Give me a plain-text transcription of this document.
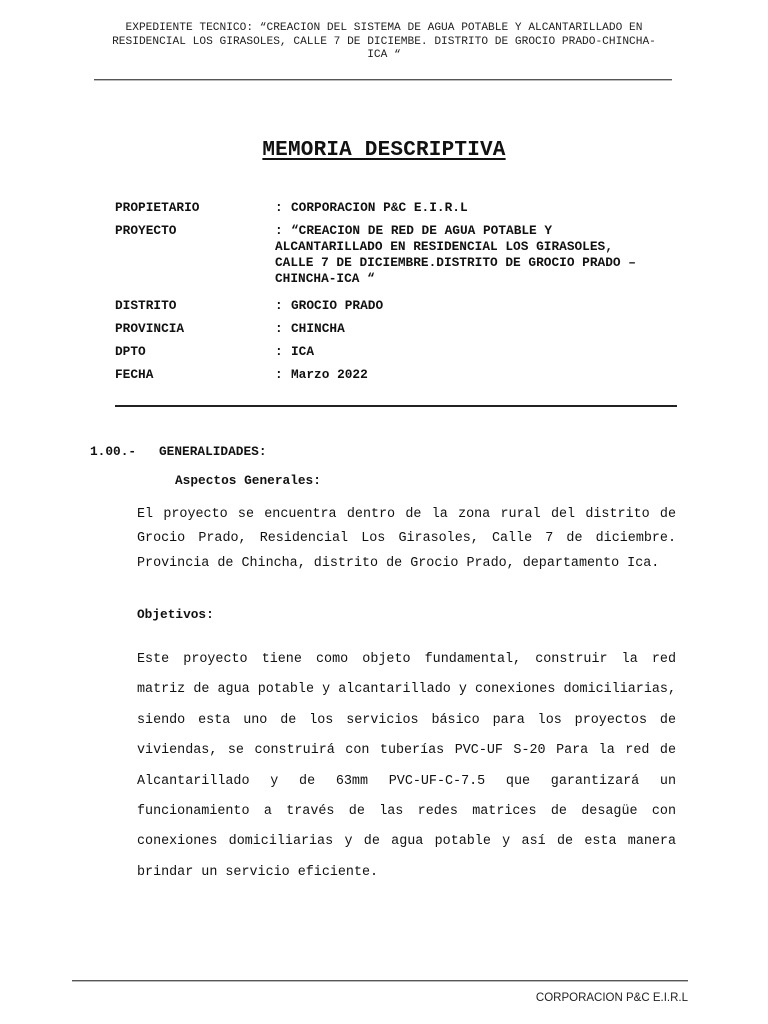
EXPEDIENTE TECNICO: “CREACION DEL SISTEMA DE AGUA POTABLE Y ALCANTARILLADO EN
RESIDENCIAL LOS GIRASOLES, CALLE 7 DE DICIEMBE. DISTRITO DE GROCIO PRADO-CHINCHA-
ICA “
MEMORIA DESCRIPTIVA
PROPIETARIO	: CORPORACION P&C E.I.R.L
PROYECTO	: “CREACION DE RED DE AGUA POTABLE Y
ALCANTARILLADO EN RESIDENCIAL LOS GIRASOLES,
CALLE 7 DE DICIEMBRE.DISTRITO DE GROCIO PRADO –
CHINCHA-ICA “
DISTRITO	: GROCIO PRADO
PROVINCIA	: CHINCHA
DPTO	: ICA
FECHA	: Marzo 2022
1.00.- GENERALIDADES:
Aspectos Generales:
El proyecto se encuentra dentro de la zona rural del distrito de Grocio Prado, Residencial Los Girasoles, Calle 7 de diciembre. Provincia de Chincha, distrito de Grocio Prado, departamento Ica.
Objetivos:
Este proyecto tiene como objeto fundamental, construir la red matriz de agua potable y alcantarillado y conexiones domiciliarias, siendo esta uno de los servicios básico para los proyectos de viviendas, se construirá con tuberías PVC-UF S-20 Para la red de Alcantarillado y de 63mm PVC-UF-C-7.5 que garantizará un funcionamiento a través de las redes matrices de desagüe con conexiones domiciliarias y de agua potable y así de esta manera brindar un servicio eficiente.
CORPORACION P&C E.I.R.L
